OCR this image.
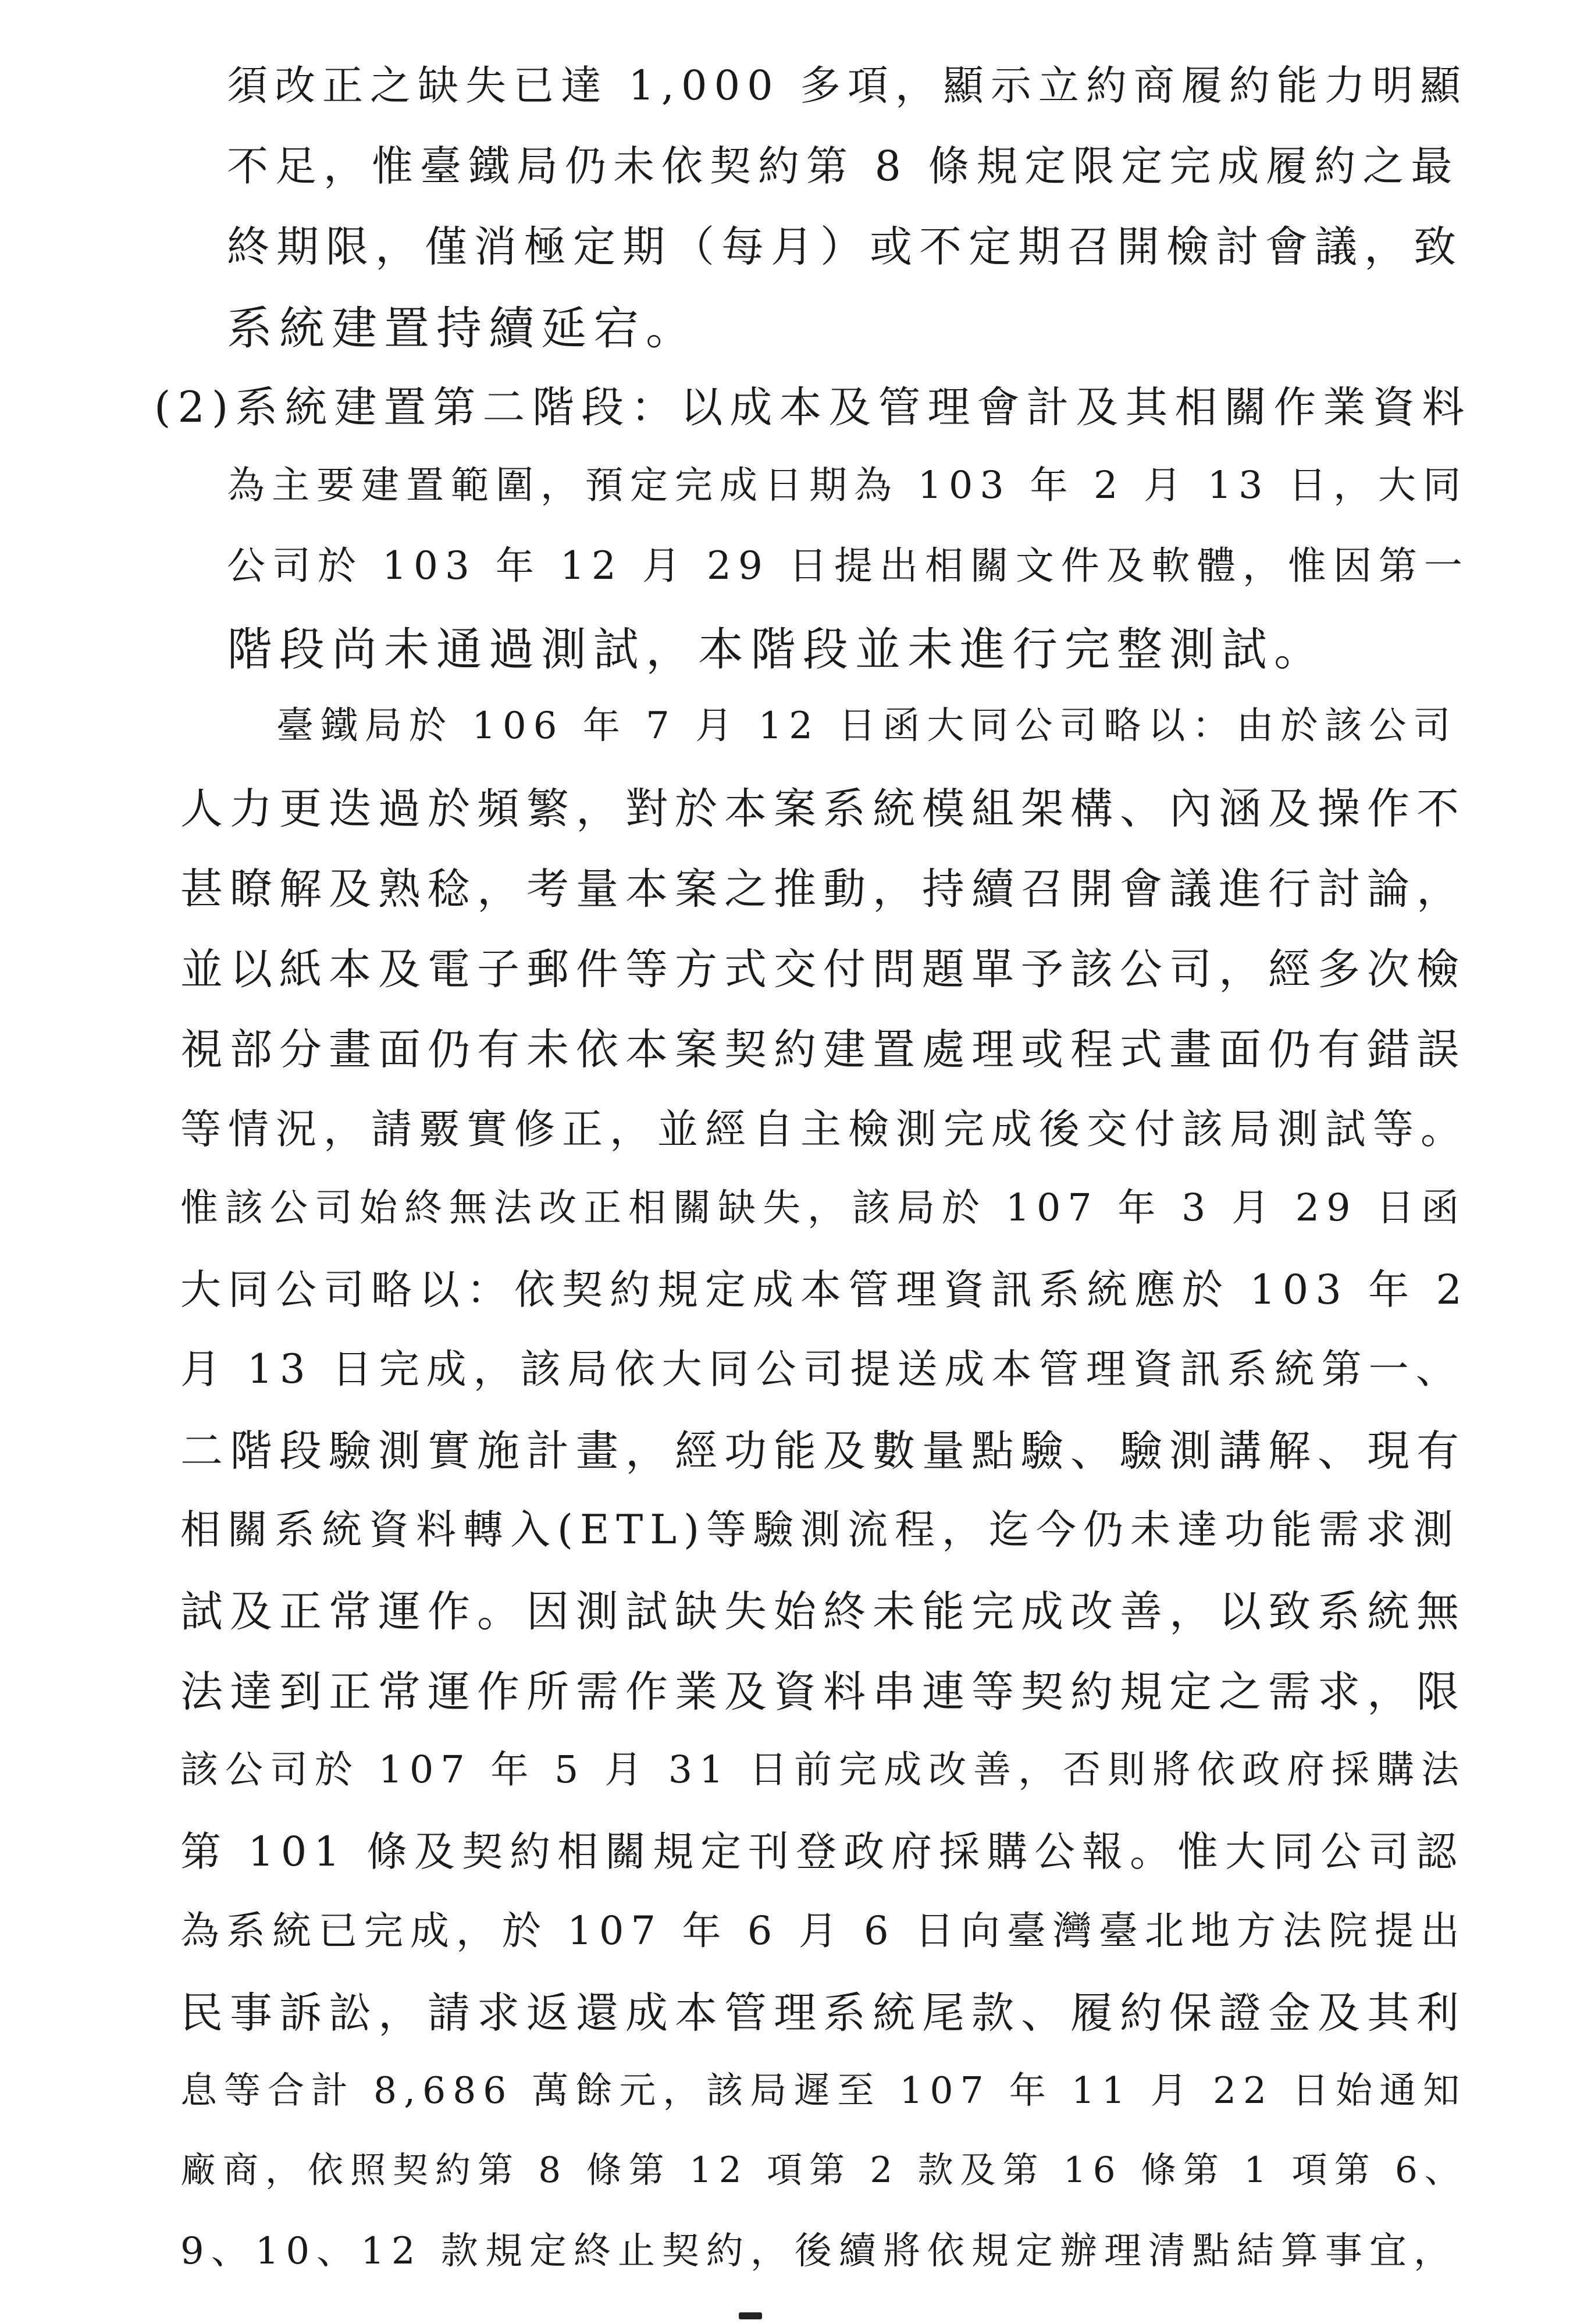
須改正之缺失已達 1,000 多項，顯示立約商履約能力明顯
不足，惟臺鐵局仍未依契約第 8 條規定限定完成履約之最
終期限，僅消極定期（每月）或不定期召開檢討會議，致
系統建置持續延宕。
(2)系統建置第二階段：以成本及管理會計及其相關作業資料
為主要建置範圍，預定完成日期為 103 年 2 月 13 日，大同
公司於 103 年 12 月 29 日提出相關文件及軟體，惟因第一
階段尚未通過測試，本階段並未進行完整測試。
臺鐵局於 106 年 7 月 12 日函大同公司略以：由於該公司
人力更迭過於頻繁，對於本案系統模組架構、內涵及操作不
甚瞭解及熟稔，考量本案之推動，持續召開會議進行討論，
並以紙本及電子郵件等方式交付問題單予該公司，經多次檢
視部分畫面仍有未依本案契約建置處理或程式畫面仍有錯誤
等情況，請覈實修正，並經自主檢測完成後交付該局測試等。
惟該公司始終無法改正相關缺失，該局於 107 年 3 月 29 日函
大同公司略以：依契約規定成本管理資訊系統應於 103 年 2
月 13 日完成，該局依大同公司提送成本管理資訊系統第一、
二階段驗測實施計畫，經功能及數量點驗、驗測講解、現有
相關系統資料轉入(ETL)等驗測流程，迄今仍未達功能需求測
試及正常運作。因測試缺失始終未能完成改善，以致系統無
法達到正常運作所需作業及資料串連等契約規定之需求，限
該公司於 107 年 5 月 31 日前完成改善，否則將依政府採購法
第 101 條及契約相關規定刊登政府採購公報。惟大同公司認
為系統已完成，於 107 年 6 月 6 日向臺灣臺北地方法院提出
民事訴訟，請求返還成本管理系統尾款、履約保證金及其利
息等合計 8,686 萬餘元，該局遲至 107 年 11 月 22 日始通知
廠商，依照契約第 8 條第 12 項第 2 款及第 16 條第 1 項第 6、
9、10、12 款規定終止契約，後續將依規定辦理清點結算事宜，
